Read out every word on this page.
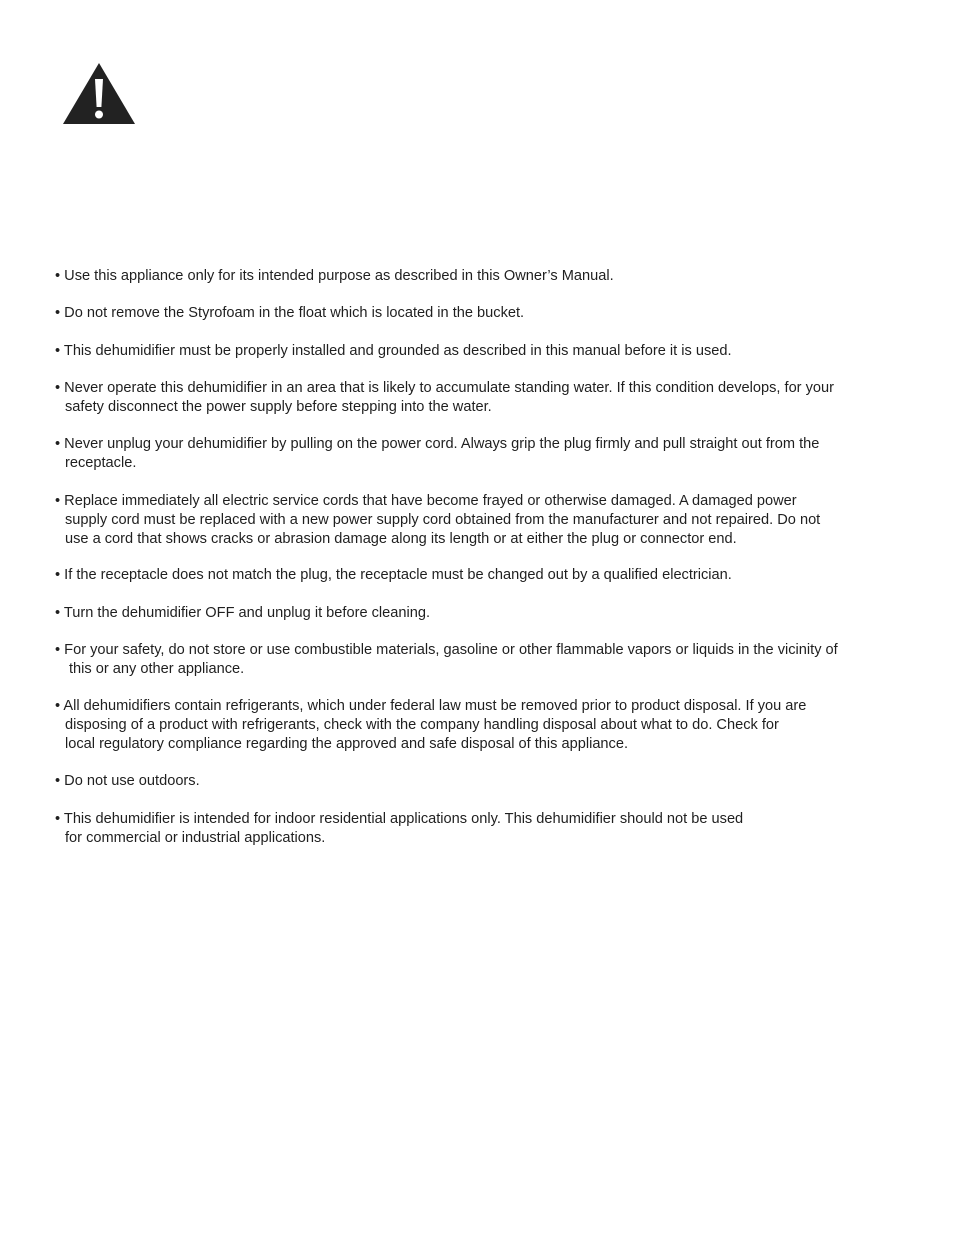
• Use this appliance only for its intended purpose as described in this Owner’s Manual.

• Do not remove the Styrofoam in the float which is located in the bucket.

• This dehumidifier must be properly installed and grounded as described in this manual before it is used.

• Never operate this dehumidifier in an area that is likely to accumulate standing water. If this condition develops, for your
safety disconnect the power supply before stepping into the water.

• Never unplug your dehumidifier by pulling on the power cord. Always grip the plug firmly and pull straight out from the
receptacle.

• Replace immediately all electric service cords that have become frayed or otherwise damaged. A damaged power
supply cord must be replaced with a new power supply cord obtained from the manufacturer and not repaired. Do not
use a cord that shows cracks or abrasion damage along its length or at either the plug or connector end.

• If the receptacle does not match the plug, the receptacle must be changed out by a qualified electrician.

• Turn the dehumidifier OFF and unplug it before cleaning.

• For your safety, do not store or use combustible materials, gasoline or other flammable vapors or liquids in the vicinity of
this or any other appliance.

• All dehumidifiers contain refrigerants, which under federal law must be removed prior to product disposal. If you are
disposing of a product with refrigerants, check with the company handling disposal about what to do. Check for
local regulatory compliance regarding the approved and safe disposal of this appliance.

• Do not use outdoors.

• This dehumidifier is intended for indoor residential applications only. This dehumidifier should not be used
for commercial or industrial applications.
